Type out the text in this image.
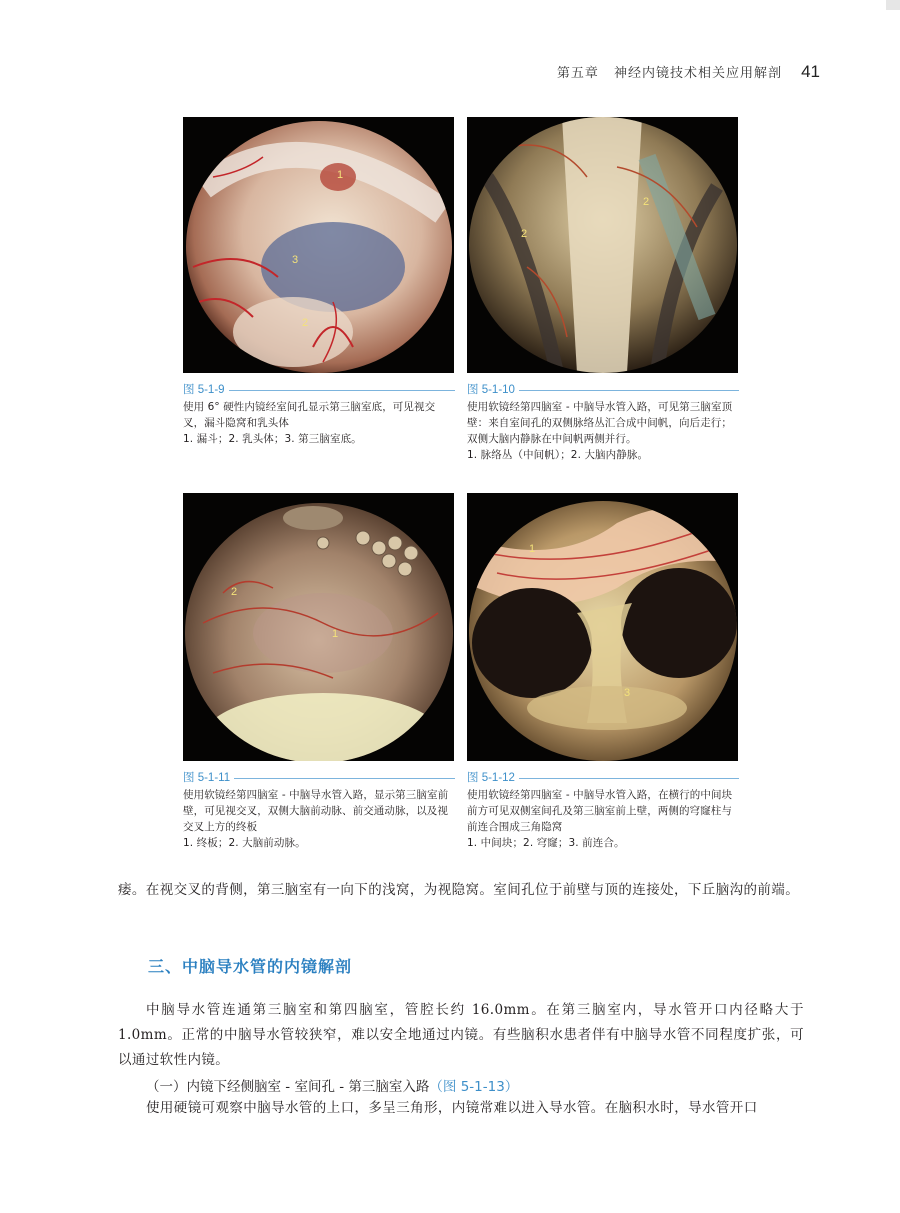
第五章 神经内镜技术相关应用解剖 41
1
2
3
2
2
图 5-1-9
使用 6° 硬性内镜经室间孔显示第三脑室底，可见视交叉，漏斗隐窝和乳头体
1. 漏斗；2. 乳头体；3. 第三脑室底。
图 5-1-10
使用软镜经第四脑室 - 中脑导水管入路，可见第三脑室顶壁：来自室间孔的双侧脉络丛汇合成中间帆，向后走行；双侧大脑内静脉在中间帆两侧并行。
1. 脉络丛（中间帆）；2. 大脑内静脉。
2
1
1
3
图 5-1-11
使用软镜经第四脑室 - 中脑导水管入路，显示第三脑室前壁，可见视交叉，双侧大脑前动脉、前交通动脉，以及视交叉上方的终板
1. 终板；2. 大脑前动脉。
图 5-1-12
使用软镜经第四脑室 - 中脑导水管入路，在横行的中间块前方可见双侧室间孔及第三脑室前上壁，两侧的穹窿柱与前连合围成三角隐窝
1. 中间块；2. 穹窿；3. 前连合。

痿。在视交叉的背侧，第三脑室有一向下的浅窝，为视隐窝。室间孔位于前壁与顶的连接处，下丘脑沟的前端。

三、中脑导水管的内镜解剖

中脑导水管连通第三脑室和第四脑室，管腔长约 16.0mm。在第三脑室内，导水管开口内径略大于 1.0mm。正常的中脑导水管较狭窄，难以安全地通过内镜。有些脑积水患者伴有中脑导水管不同程度扩张，可以通过软性内镜。

（一）内镜下经侧脑室 - 室间孔 - 第三脑室入路（图 5-1-13）

使用硬镜可观察中脑导水管的上口，多呈三角形，内镜常难以进入导水管。在脑积水时，导水管开口
